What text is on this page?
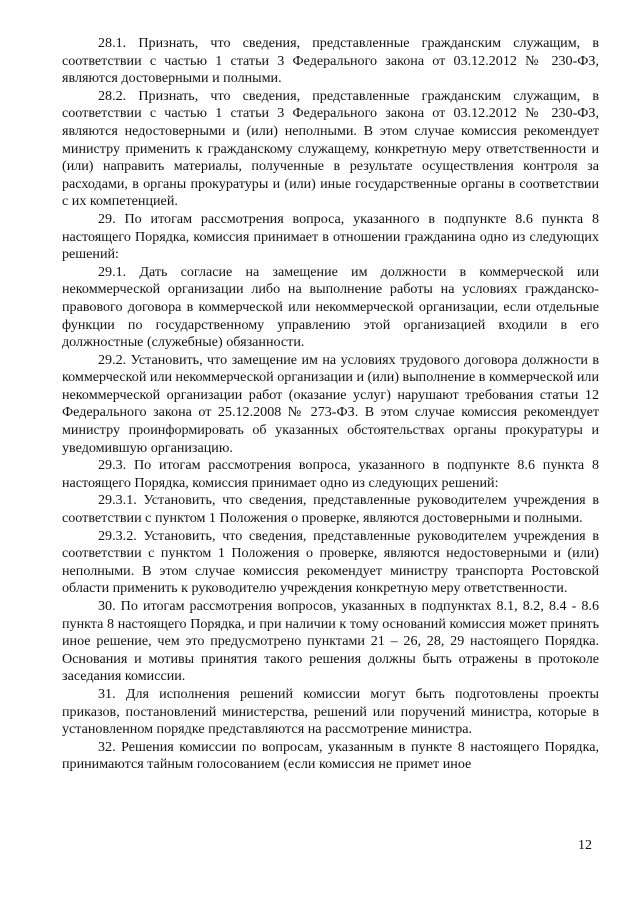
28.1. Признать, что сведения, представленные гражданским служащим, в соответствии с частью 1 статьи 3 Федерального закона от 03.12.2012 № 230-ФЗ, являются достоверными и полными.

28.2. Признать, что сведения, представленные гражданским служащим, в соответствии с частью 1 статьи 3 Федерального закона от 03.12.2012 № 230-ФЗ, являются недостоверными и (или) неполными. В этом случае комиссия рекомендует министру применить к гражданскому служащему, конкретную меру ответственности и (или) направить материалы, полученные в результате осуществления контроля за расходами, в органы прокуратуры и (или) иные государственные органы в соответствии с их компетенцией.

29. По итогам рассмотрения вопроса, указанного в подпункте 8.6 пункта 8 настоящего Порядка, комиссия принимает в отношении гражданина одно из следующих решений:

29.1. Дать согласие на замещение им должности в коммерческой или некоммерческой организации либо на выполнение работы на условиях гражданско-правового договора в коммерческой или некоммерческой организации, если отдельные функции по государственному управлению этой организацией входили в его должностные (служебные) обязанности.

29.2. Установить, что замещение им на условиях трудового договора должности в коммерческой или некоммерческой организации и (или) выполнение в коммерческой или некоммерческой организации работ (оказание услуг) нарушают требования статьи 12 Федерального закона от 25.12.2008 № 273-ФЗ. В этом случае комиссия рекомендует министру проинформировать об указанных обстоятельствах органы прокуратуры и уведомившую организацию.

29.3. По итогам рассмотрения вопроса, указанного в подпункте 8.6 пункта 8 настоящего Порядка, комиссия принимает одно из следующих решений:

29.3.1. Установить, что сведения, представленные руководителем учреждения в соответствии с пунктом 1 Положения о проверке, являются достоверными и полными.

29.3.2. Установить, что сведения, представленные руководителем учреждения в соответствии с пунктом 1 Положения о проверке, являются недостоверными и (или) неполными. В этом случае комиссия рекомендует министру транспорта Ростовской области применить к руководителю учреждения конкретную меру ответственности.

30. По итогам рассмотрения вопросов, указанных в подпунктах 8.1, 8.2, 8.4 - 8.6 пункта 8 настоящего Порядка, и при наличии к тому оснований комиссия может принять иное решение, чем это предусмотрено пунктами 21 – 26, 28, 29 настоящего Порядка. Основания и мотивы принятия такого решения должны быть отражены в протоколе заседания комиссии.

31. Для исполнения решений комиссии могут быть подготовлены проекты приказов, постановлений министерства, решений или поручений министра, которые в установленном порядке представляются на рассмотрение министра.

32. Решения комиссии по вопросам, указанным в пункте 8 настоящего Порядка, принимаются тайным голосованием (если комиссия не примет иное

12
